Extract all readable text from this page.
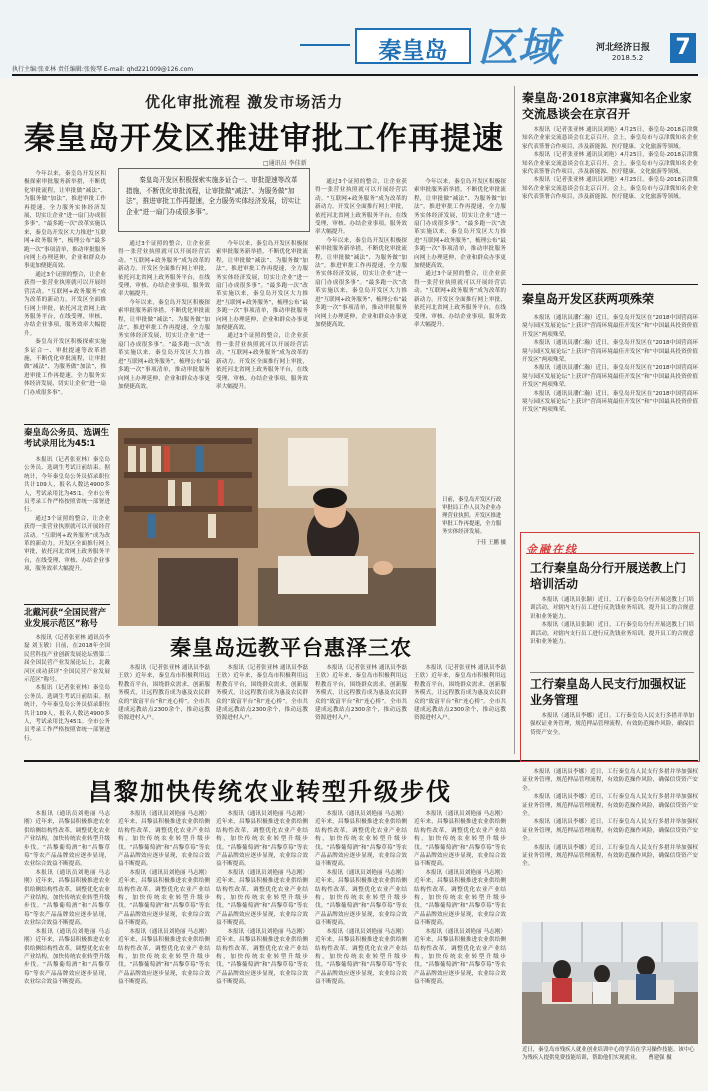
执行主编:张亚林 责任编辑:张俊琴 E-mail: qhd221009@126.com
秦皇岛 区域	河北经济日报
2018.5.2 7
优化审批流程 激发市场活力
秦皇岛开发区推进审批工作再提速
□通讯员 李佳新
秦皇岛开发区积极探索实施多证合一、审批提速等改革措施，不断优化审批流程，让审批做“减法”、为服务做“加法”，推进审批工作再提速，全力服务实体经济发展，切实让企业“进一扇门办成很多事”。

今年以来，秦皇岛开发区积极探索审批服务新举措，不断优化审批流程，让审批做“减法”、为服务做“加法”，推进审批工作再提速，全力服务实体经济发展，切实让企业“进一扇门办成很多事”。“最多跑一次”改革实施以来，秦皇岛开发区大力推进“互联网+政务服务”，梳理公布“最多跑一次”事项清单，推动审批服务向网上办理延伸，企业和群众办事更加便捷高效。

通过3个证照的整合，让企业获得一张营业执照就可以开展经营活动。“互联网+政务服务”成为改革的新动力。开发区全面推行网上审批，依托河北省网上政务服务平台，在线受理、审核、办结企业事项，服务效率大幅提升。

秦皇岛开发区积极探索实施多证合一、审批提速等改革措施，不断优化审批流程，让审批做“减法”、为服务做“加法”，推进审批工作再提速，全力服务实体经济发展，切实让企业“进一扇门办成很多事”。

通过3个证照的整合，让企业获得一张营业执照就可以开展经营活动。“互联网+政务服务”成为改革的新动力。开发区全面推行网上审批，依托河北省网上政务服务平台，在线受理、审核、办结企业事项，服务效率大幅提升。

今年以来，秦皇岛开发区积极探索审批服务新举措，不断优化审批流程，让审批做“减法”、为服务做“加法”，推进审批工作再提速，全力服务实体经济发展，切实让企业“进一扇门办成很多事”。“最多跑一次”改革实施以来，秦皇岛开发区大力推进“互联网+政务服务”，梳理公布“最多跑一次”事项清单，推动审批服务向网上办理延伸，企业和群众办事更加便捷高效。

今年以来，秦皇岛开发区积极探索审批服务新举措，不断优化审批流程，让审批做“减法”、为服务做“加法”，推进审批工作再提速，全力服务实体经济发展，切实让企业“进一扇门办成很多事”。“最多跑一次”改革实施以来，秦皇岛开发区大力推进“互联网+政务服务”，梳理公布“最多跑一次”事项清单，推动审批服务向网上办理延伸，企业和群众办事更加便捷高效。

通过3个证照的整合，让企业获得一张营业执照就可以开展经营活动。“互联网+政务服务”成为改革的新动力。开发区全面推行网上审批，依托河北省网上政务服务平台，在线受理、审核、办结企业事项，服务效率大幅提升。

通过3个证照的整合，让企业获得一张营业执照就可以开展经营活动。“互联网+政务服务”成为改革的新动力。开发区全面推行网上审批，依托河北省网上政务服务平台，在线受理、审核、办结企业事项，服务效率大幅提升。

今年以来，秦皇岛开发区积极探索审批服务新举措，不断优化审批流程，让审批做“减法”、为服务做“加法”，推进审批工作再提速，全力服务实体经济发展，切实让企业“进一扇门办成很多事”。“最多跑一次”改革实施以来，秦皇岛开发区大力推进“互联网+政务服务”，梳理公布“最多跑一次”事项清单，推动审批服务向网上办理延伸，企业和群众办事更加便捷高效。

今年以来，秦皇岛开发区积极探索审批服务新举措，不断优化审批流程，让审批做“减法”、为服务做“加法”，推进审批工作再提速，全力服务实体经济发展，切实让企业“进一扇门办成很多事”。“最多跑一次”改革实施以来，秦皇岛开发区大力推进“互联网+政务服务”，梳理公布“最多跑一次”事项清单，推动审批服务向网上办理延伸，企业和群众办事更加便捷高效。

通过3个证照的整合，让企业获得一张营业执照就可以开展经营活动。“互联网+政务服务”成为改革的新动力。开发区全面推行网上审批，依托河北省网上政务服务平台，在线受理、审核、办结企业事项，服务效率大幅提升。

日前，秦皇岛开发区行政审批局工作人员为企业办理营业执照。开发区推进审批工作再提速，全力服务实体经济发展。
于佳 王鹏 摄
秦皇岛公务员、选调生考试录用比为45∶1

本报讯（记者张亚林）秦皇岛公务员、选调生考试日前结束。据统计，今年秦皇岛公务员招录职位共计109人，报名人数达4900多人，考试录用比为45∶1。全市公务员考录工作严格按照省统一部署进行。

通过3个证照的整合，让企业获得一张营业执照就可以开展经营活动。“互联网+政务服务”成为改革的新动力。开发区全面推行网上审批，依托河北省网上政务服务平台，在线受理、审核、办结企业事项，服务效率大幅提升。

北戴河获“全国民营产业发展示范区”称号

本报讯（记者张亚林 通讯员李磊 刘玉敏）日前，在2018年全国民营科技产业创新发展论坛暨第二届全国民营产业发展论坛上，北戴河区成功获评“全国民营产业发展示范区”称号。

本报讯（记者张亚林）秦皇岛公务员、选调生考试日前结束。据统计，今年秦皇岛公务员招录职位共计109人，报名人数达4900多人，考试录用比为45∶1。全市公务员考录工作严格按照省统一部署进行。

秦皇岛远教平台惠泽三农

本报讯（记者张亚林 通讯员李磊 王欣）近年来，秦皇岛市积极利用远程教育平台，围绕群众需求，创新服务模式，让远程教育成为惠及农民群众的“致富平台”和“连心桥”。全市共建成远教站点2300余个，推动远教资源进村入户。

本报讯（记者张亚林 通讯员李磊 王欣）近年来，秦皇岛市积极利用远程教育平台，围绕群众需求，创新服务模式，让远程教育成为惠及农民群众的“致富平台”和“连心桥”。全市共建成远教站点2300余个，推动远教资源进村入户。

本报讯（记者张亚林 通讯员李磊 王欣）近年来，秦皇岛市积极利用远程教育平台，围绕群众需求，创新服务模式，让远程教育成为惠及农民群众的“致富平台”和“连心桥”。全市共建成远教站点2300余个，推动远教资源进村入户。

本报讯（记者张亚林 通讯员李磊 王欣）近年来，秦皇岛市积极利用远程教育平台，围绕群众需求，创新服务模式，让远程教育成为惠及农民群众的“致富平台”和“连心桥”。全市共建成远教站点2300余个，推动远教资源进村入户。

昌黎加快传统农业转型升级步伐

本报讯（通讯员刘艳丽 马志刚）近年来，昌黎县积极推进农业供给侧结构性改革，调整优化农业产业结构，加快传统农业转型升级步伐。“昌黎葡萄酒”和“昌黎草莓”等农产品品牌效应逐步显现，农业综合效益不断提高。

本报讯（通讯员刘艳丽 马志刚）近年来，昌黎县积极推进农业供给侧结构性改革，调整优化农业产业结构，加快传统农业转型升级步伐。“昌黎葡萄酒”和“昌黎草莓”等农产品品牌效应逐步显现，农业综合效益不断提高。

本报讯（通讯员刘艳丽 马志刚）近年来，昌黎县积极推进农业供给侧结构性改革，调整优化农业产业结构，加快传统农业转型升级步伐。“昌黎葡萄酒”和“昌黎草莓”等农产品品牌效应逐步显现，农业综合效益不断提高。

本报讯（通讯员刘艳丽 马志刚）近年来，昌黎县积极推进农业供给侧结构性改革，调整优化农业产业结构，加快传统农业转型升级步伐。“昌黎葡萄酒”和“昌黎草莓”等农产品品牌效应逐步显现，农业综合效益不断提高。

本报讯（通讯员刘艳丽 马志刚）近年来，昌黎县积极推进农业供给侧结构性改革，调整优化农业产业结构，加快传统农业转型升级步伐。“昌黎葡萄酒”和“昌黎草莓”等农产品品牌效应逐步显现，农业综合效益不断提高。

本报讯（通讯员刘艳丽 马志刚）近年来，昌黎县积极推进农业供给侧结构性改革，调整优化农业产业结构，加快传统农业转型升级步伐。“昌黎葡萄酒”和“昌黎草莓”等农产品品牌效应逐步显现，农业综合效益不断提高。

本报讯（通讯员刘艳丽 马志刚）近年来，昌黎县积极推进农业供给侧结构性改革，调整优化农业产业结构，加快传统农业转型升级步伐。“昌黎葡萄酒”和“昌黎草莓”等农产品品牌效应逐步显现，农业综合效益不断提高。

本报讯（通讯员刘艳丽 马志刚）近年来，昌黎县积极推进农业供给侧结构性改革，调整优化农业产业结构，加快传统农业转型升级步伐。“昌黎葡萄酒”和“昌黎草莓”等农产品品牌效应逐步显现，农业综合效益不断提高。

本报讯（通讯员刘艳丽 马志刚）近年来，昌黎县积极推进农业供给侧结构性改革，调整优化农业产业结构，加快传统农业转型升级步伐。“昌黎葡萄酒”和“昌黎草莓”等农产品品牌效应逐步显现，农业综合效益不断提高。

本报讯（通讯员刘艳丽 马志刚）近年来，昌黎县积极推进农业供给侧结构性改革，调整优化农业产业结构，加快传统农业转型升级步伐。“昌黎葡萄酒”和“昌黎草莓”等农产品品牌效应逐步显现，农业综合效益不断提高。

本报讯（通讯员刘艳丽 马志刚）近年来，昌黎县积极推进农业供给侧结构性改革，调整优化农业产业结构，加快传统农业转型升级步伐。“昌黎葡萄酒”和“昌黎草莓”等农产品品牌效应逐步显现，农业综合效益不断提高。

本报讯（通讯员刘艳丽 马志刚）近年来，昌黎县积极推进农业供给侧结构性改革，调整优化农业产业结构，加快传统农业转型升级步伐。“昌黎葡萄酒”和“昌黎草莓”等农产品品牌效应逐步显现，农业综合效益不断提高。

本报讯（通讯员刘艳丽 马志刚）近年来，昌黎县积极推进农业供给侧结构性改革，调整优化农业产业结构，加快传统农业转型升级步伐。“昌黎葡萄酒”和“昌黎草莓”等农产品品牌效应逐步显现，农业综合效益不断提高。

本报讯（通讯员刘艳丽 马志刚）近年来，昌黎县积极推进农业供给侧结构性改革，调整优化农业产业结构，加快传统农业转型升级步伐。“昌黎葡萄酒”和“昌黎草莓”等农产品品牌效应逐步显现，农业综合效益不断提高。

本报讯（通讯员刘艳丽 马志刚）近年来，昌黎县积极推进农业供给侧结构性改革，调整优化农业产业结构，加快传统农业转型升级步伐。“昌黎葡萄酒”和“昌黎草莓”等农产品品牌效应逐步显现，农业综合效益不断提高。

秦皇岛·2018京津冀知名企业家交流恳谈会在京召开

本报讯（记者张亚林 通讯员刘艳）4月25日，秦皇岛·2018京津冀知名企业家交流恳谈会在北京召开。会上，秦皇岛市与京津冀知名企业家代表签署合作项目，涉及新能源、医疗健康、文化旅游等领域。

本报讯（记者张亚林 通讯员刘艳）4月25日，秦皇岛·2018京津冀知名企业家交流恳谈会在北京召开。会上，秦皇岛市与京津冀知名企业家代表签署合作项目，涉及新能源、医疗健康、文化旅游等领域。

本报讯（记者张亚林 通讯员刘艳）4月25日，秦皇岛·2018京津冀知名企业家交流恳谈会在北京召开。会上，秦皇岛市与京津冀知名企业家代表签署合作项目，涉及新能源、医疗健康、文化旅游等领域。

秦皇岛开发区获两项殊荣

本报讯（通讯员潘仁瀚）近日，秦皇岛开发区在“2018中国营商环境与园区发展论坛”上获评“营商环境最佳开发区”和“中国最具投资价值开发区”两项殊荣。

本报讯（通讯员潘仁瀚）近日，秦皇岛开发区在“2018中国营商环境与园区发展论坛”上获评“营商环境最佳开发区”和“中国最具投资价值开发区”两项殊荣。

本报讯（通讯员潘仁瀚）近日，秦皇岛开发区在“2018中国营商环境与园区发展论坛”上获评“营商环境最佳开发区”和“中国最具投资价值开发区”两项殊荣。

本报讯（通讯员潘仁瀚）近日，秦皇岛开发区在“2018中国营商环境与园区发展论坛”上获评“营商环境最佳开发区”和“中国最具投资价值开发区”两项殊荣。

金融在线
工行秦皇岛分行开展送教上门培训活动

本报讯（通讯员张颖）近日，工行秦皇岛分行开展送教上门培训活动，对辖内支行员工进行反洗钱业务培训，提升员工的合规意识和业务能力。

本报讯（通讯员张颖）近日，工行秦皇岛分行开展送教上门培训活动，对辖内支行员工进行反洗钱业务培训，提升员工的合规意识和业务能力。

工行秦皇岛人民支行加强权证业务管理

本报讯（通讯员李娜）近日，工行秦皇岛人民支行多措并举加强权证业务管理，规范押品管理流程，有效防范操作风险，确保信贷资产安全。

本报讯（通讯员李娜）近日，工行秦皇岛人民支行多措并举加强权证业务管理，规范押品管理流程，有效防范操作风险，确保信贷资产安全。

本报讯（通讯员李娜）近日，工行秦皇岛人民支行多措并举加强权证业务管理，规范押品管理流程，有效防范操作风险，确保信贷资产安全。

本报讯（通讯员李娜）近日，工行秦皇岛人民支行多措并举加强权证业务管理，规范押品管理流程，有效防范操作风险，确保信贷资产安全。

本报讯（通讯员李娜）近日，工行秦皇岛人民支行多措并举加强权证业务管理，规范押品管理流程，有效防范操作风险，确保信贷资产安全。

近日，秦皇岛市残疾人就业创业培训中心的学员在学习操作技能。该中心为残疾人提供免费技能培训，帮助他们实现就业。 曹建强 摄
